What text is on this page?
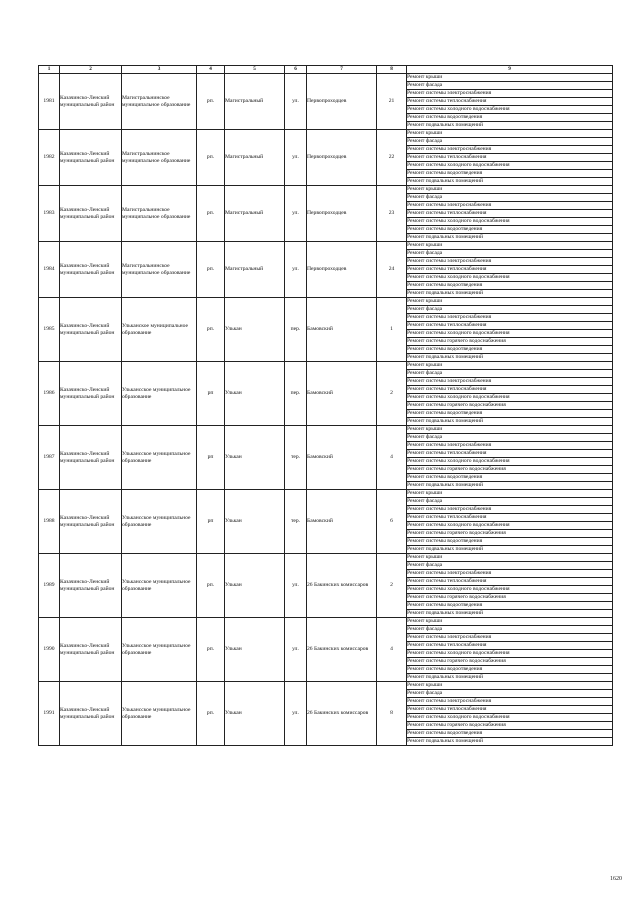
1	2	3	4	5	6	7	8	9
1981	Казачинско-Ленский муниципальный район	Магистральнинское муниципальное образование	рп.	Магистральный	ул.	Первопроходцев	21	Ремонт крыши
								Ремонт фасада
								Ремонт системы электроснабжения
								Ремонт системы теплоснабжения
								Ремонт системы холодного водоснабжения
								Ремонт системы водоотведения
								Ремонт подвальных помещений
1982	Казачинско-Ленский муниципальный район	Магистральнинское муниципальное образование	рп.	Магистральный	ул.	Первопроходцев	22	Ремонт крыши
								Ремонт фасада
								Ремонт системы электроснабжения
								Ремонт системы теплоснабжения
								Ремонт системы холодного водоснабжения
								Ремонт системы водоотведения
								Ремонт подвальных помещений
1983	Казачинско-Ленский муниципальный район	Магистральнинское муниципальное образование	рп.	Магистральный	ул.	Первопроходцев	23	Ремонт крыши
								Ремонт фасада
								Ремонт системы электроснабжения
								Ремонт системы теплоснабжения
								Ремонт системы холодного водоснабжения
								Ремонт системы водоотведения
								Ремонт подвальных помещений
1984	Казачинско-Ленский муниципальный район	Магистральнинское муниципальное образование	рп.	Магистральный	ул.	Первопроходцев	24	Ремонт крыши
								Ремонт фасада
								Ремонт системы электроснабжения
								Ремонт системы теплоснабжения
								Ремонт системы холодного водоснабжения
								Ремонт системы водоотведения
								Ремонт подвальных помещений
1985	Казачинско-Ленский муниципальный район	Ульканское муниципальное образование	рп.	Улькан	пер.	Бамовский	1	Ремонт крыши
								Ремонт фасада
								Ремонт системы электроснабжения
								Ремонт системы теплоснабжения
								Ремонт системы холодного водоснабжения
								Ремонт системы горячего водоснабжения
								Ремонт системы водоотведения
								Ремонт подвальных помещений
1986	Казачинско-Ленский муниципальный район	Улькансское муниципальное образование	рп	Улькан	пер.	Бамовский	2	Ремонт крыши
								Ремонт фасада
								Ремонт системы электроснабжения
								Ремонт системы теплоснабжения
								Ремонт системы холодного водоснабжения
								Ремонт системы горячего водоснабжения
								Ремонт системы водоотведения
								Ремонт подвальных помещений
1987	Казачинско-Ленский муниципальный район	Улькансское муниципальное образование	рп	Улькан	тер.	Бамовский	4	Ремонт крыши
								Ремонт фасада
								Ремонт системы электроснабжения
								Ремонт системы теплоснабжения
								Ремонт системы холодного водоснабжения
								Ремонт системы горячего водоснабжения
								Ремонт системы водоотведения
								Ремонт подвальных помещений
1988	Казачинско-Ленский муниципальный район	Улькансское муниципальное образование	рп	Улькан	тер.	Бамовский	6	Ремонт крыши
								Ремонт фасада
								Ремонт системы электроснабжения
								Ремонт системы теплоснабжения
								Ремонт системы холодного водоснабжения
								Ремонт системы горячего водоснабжения
								Ремонт системы водоотведения
								Ремонт подвальных помещений
1989	Казачинско-Ленский муниципальный район	Улькансское муниципальное образование	рп.	Улькан	ул.	26 Бакинских комиссаров	2	Ремонт крыши
								Ремонт фасада
								Ремонт системы электроснабжения
								Ремонт системы теплоснабжения
								Ремонт системы холодного водоснабжения
								Ремонт системы горячего водоснабжения
								Ремонт системы водоотведения
								Ремонт подвальных помещений
1990	Казачинско-Ленский муниципальный район	Улькансское муниципальное образование	рп.	Улькан	ул.	26 Бакинских комиссаров	4	Ремонт крыши
								Ремонт фасада
								Ремонт системы электроснабжения
								Ремонт системы теплоснабжения
								Ремонт системы холодного водоснабжения
								Ремонт системы горячего водоснабжения
								Ремонт системы водоотведения
								Ремонт подвальных помещений
1991	Казачинско-Ленский муниципальный район	Улькансское муниципальное образование	рп.	Улькан	ул.	26 Бакинских комиссаров	8	Ремонт крыши
								Ремонт фасада
								Ремонт системы электроснабжения
								Ремонт системы теплоснабжения
								Ремонт системы холодного водоснабжения
								Ремонт системы горячего водоснабжения
								Ремонт системы водоотведения
								Ремонт подвальных помещений
1620
